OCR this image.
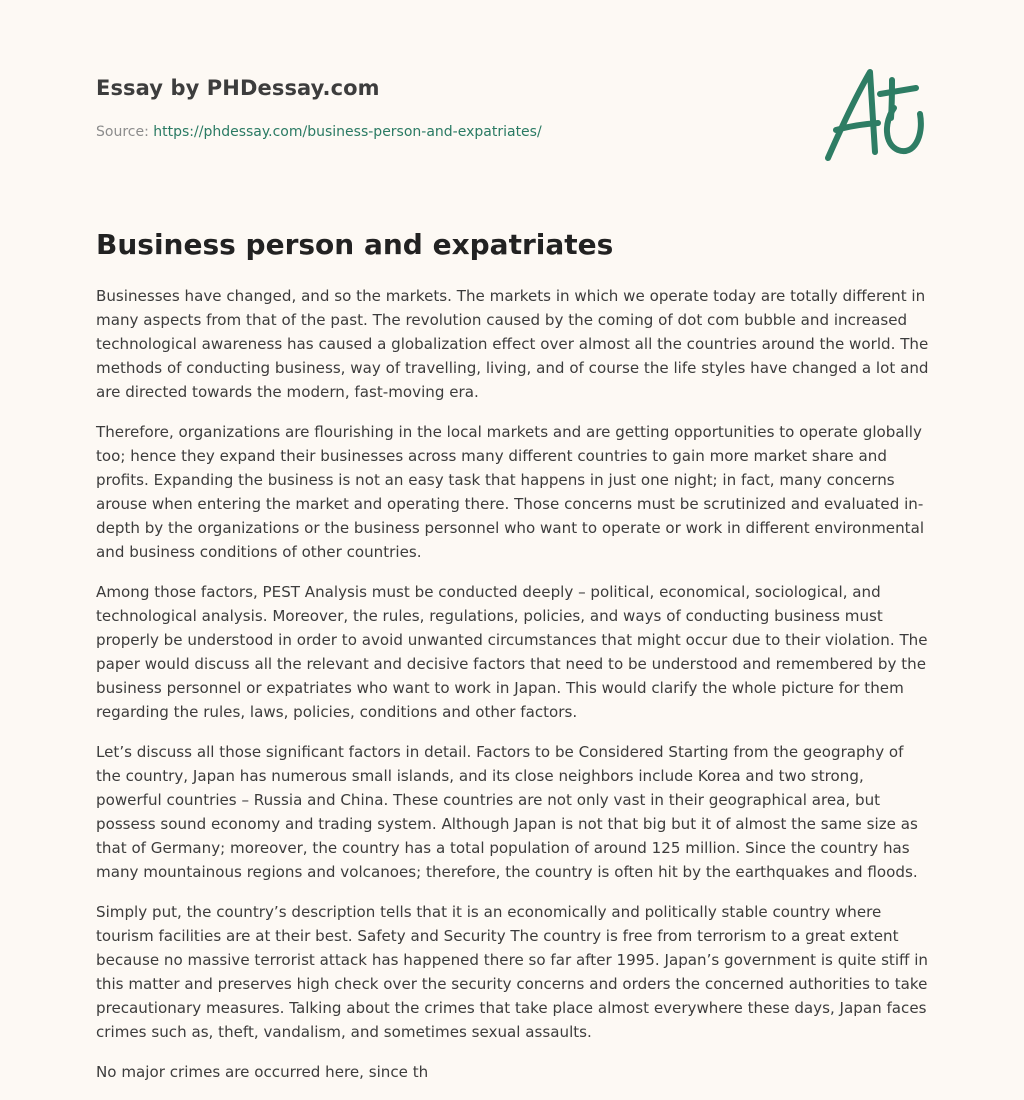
Essay by PHDessay.com
Source: https://phdessay.com/business-person-and-expatriates/
Business person and expatriates

Businesses have changed, and so the markets. The markets in which we operate today are totally different in many aspects from that of the past. The revolution caused by the coming of dot com bubble and increased technological awareness has caused a globalization effect over almost all the countries around the world. The methods of conducting business, way of travelling, living, and of course the life styles have changed a lot and are directed towards the modern, fast-moving era.

Therefore, organizations are flourishing in the local markets and are getting opportunities to operate globally too; hence they expand their businesses across many different countries to gain more market share and profits. Expanding the business is not an easy task that happens in just one night; in fact, many concerns arouse when entering the market and operating there. Those concerns must be scrutinized and evaluated in-depth by the organizations or the business personnel who want to operate or work in different environmental and business conditions of other countries.

Among those factors, PEST Analysis must be conducted deeply – political, economical, sociological, and technological analysis. Moreover, the rules, regulations, policies, and ways of conducting business must properly be understood in order to avoid unwanted circumstances that might occur due to their violation. The paper would discuss all the relevant and decisive factors that need to be understood and remembered by the business personnel or expatriates who want to work in Japan. This would clarify the whole picture for them regarding the rules, laws, policies, conditions and other factors.

Let’s discuss all those significant factors in detail. Factors to be Considered Starting from the geography of the country, Japan has numerous small islands, and its close neighbors include Korea and two strong, powerful countries – Russia and China. These countries are not only vast in their geographical area, but possess sound economy and trading system. Although Japan is not that big but it of almost the same size as that of Germany; moreover, the country has a total population of around 125 million. Since the country has many mountainous regions and volcanoes; therefore, the country is often hit by the earthquakes and floods.

Simply put, the country’s description tells that it is an economically and politically stable country where tourism facilities are at their best. Safety and Security The country is free from terrorism to a great extent because no massive terrorist attack has happened there so far after 1995. Japan’s government is quite stiff in this matter and preserves high check over the security concerns and orders the concerned authorities to take precautionary measures. Talking about the crimes that take place almost everywhere these days, Japan faces crimes such as, theft, vandalism, and sometimes sexual assaults.

No major crimes are occurred here, since th
